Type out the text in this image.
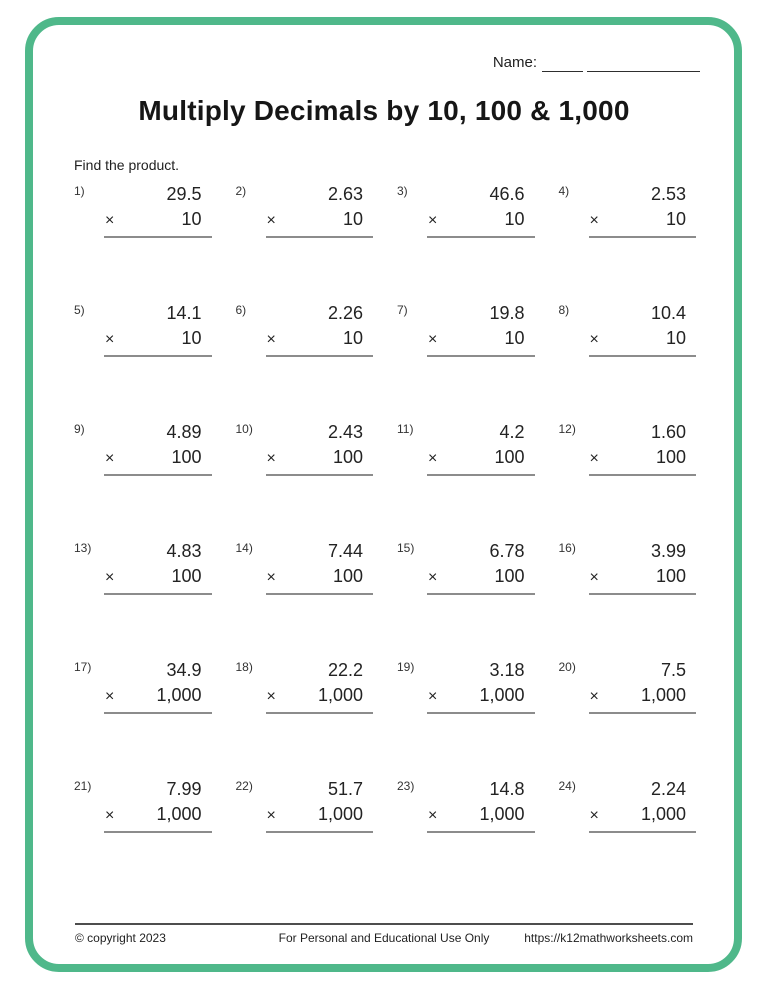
Name:
Multiply Decimals by 10, 100 & 1,000
Find the product.
1)	29.5
×	10
2)	2.63
×	10
3)	46.6
×	10
4)	2.53
×	10
5)	14.1
×	10
6)	2.26
×	10
7)	19.8
×	10
8)	10.4
×	10
9)	4.89
×	100
10)	2.43
×	100
11)	4.2
×	100
12)	1.60
×	100
13)	4.83
×	100
14)	7.44
×	100
15)	6.78
×	100
16)	3.99
×	100
17)	34.9
× 1,000
18)	22.2
× 1,000
19)	3.18
× 1,000
20)	7.5
× 1,000
21)	7.99
× 1,000
22)	51.7
× 1,000
23)	14.8
× 1,000
24)	2.24
× 1,000
© copyright 2023	For Personal and Educational Use Only	https://k12mathworksheets.com
